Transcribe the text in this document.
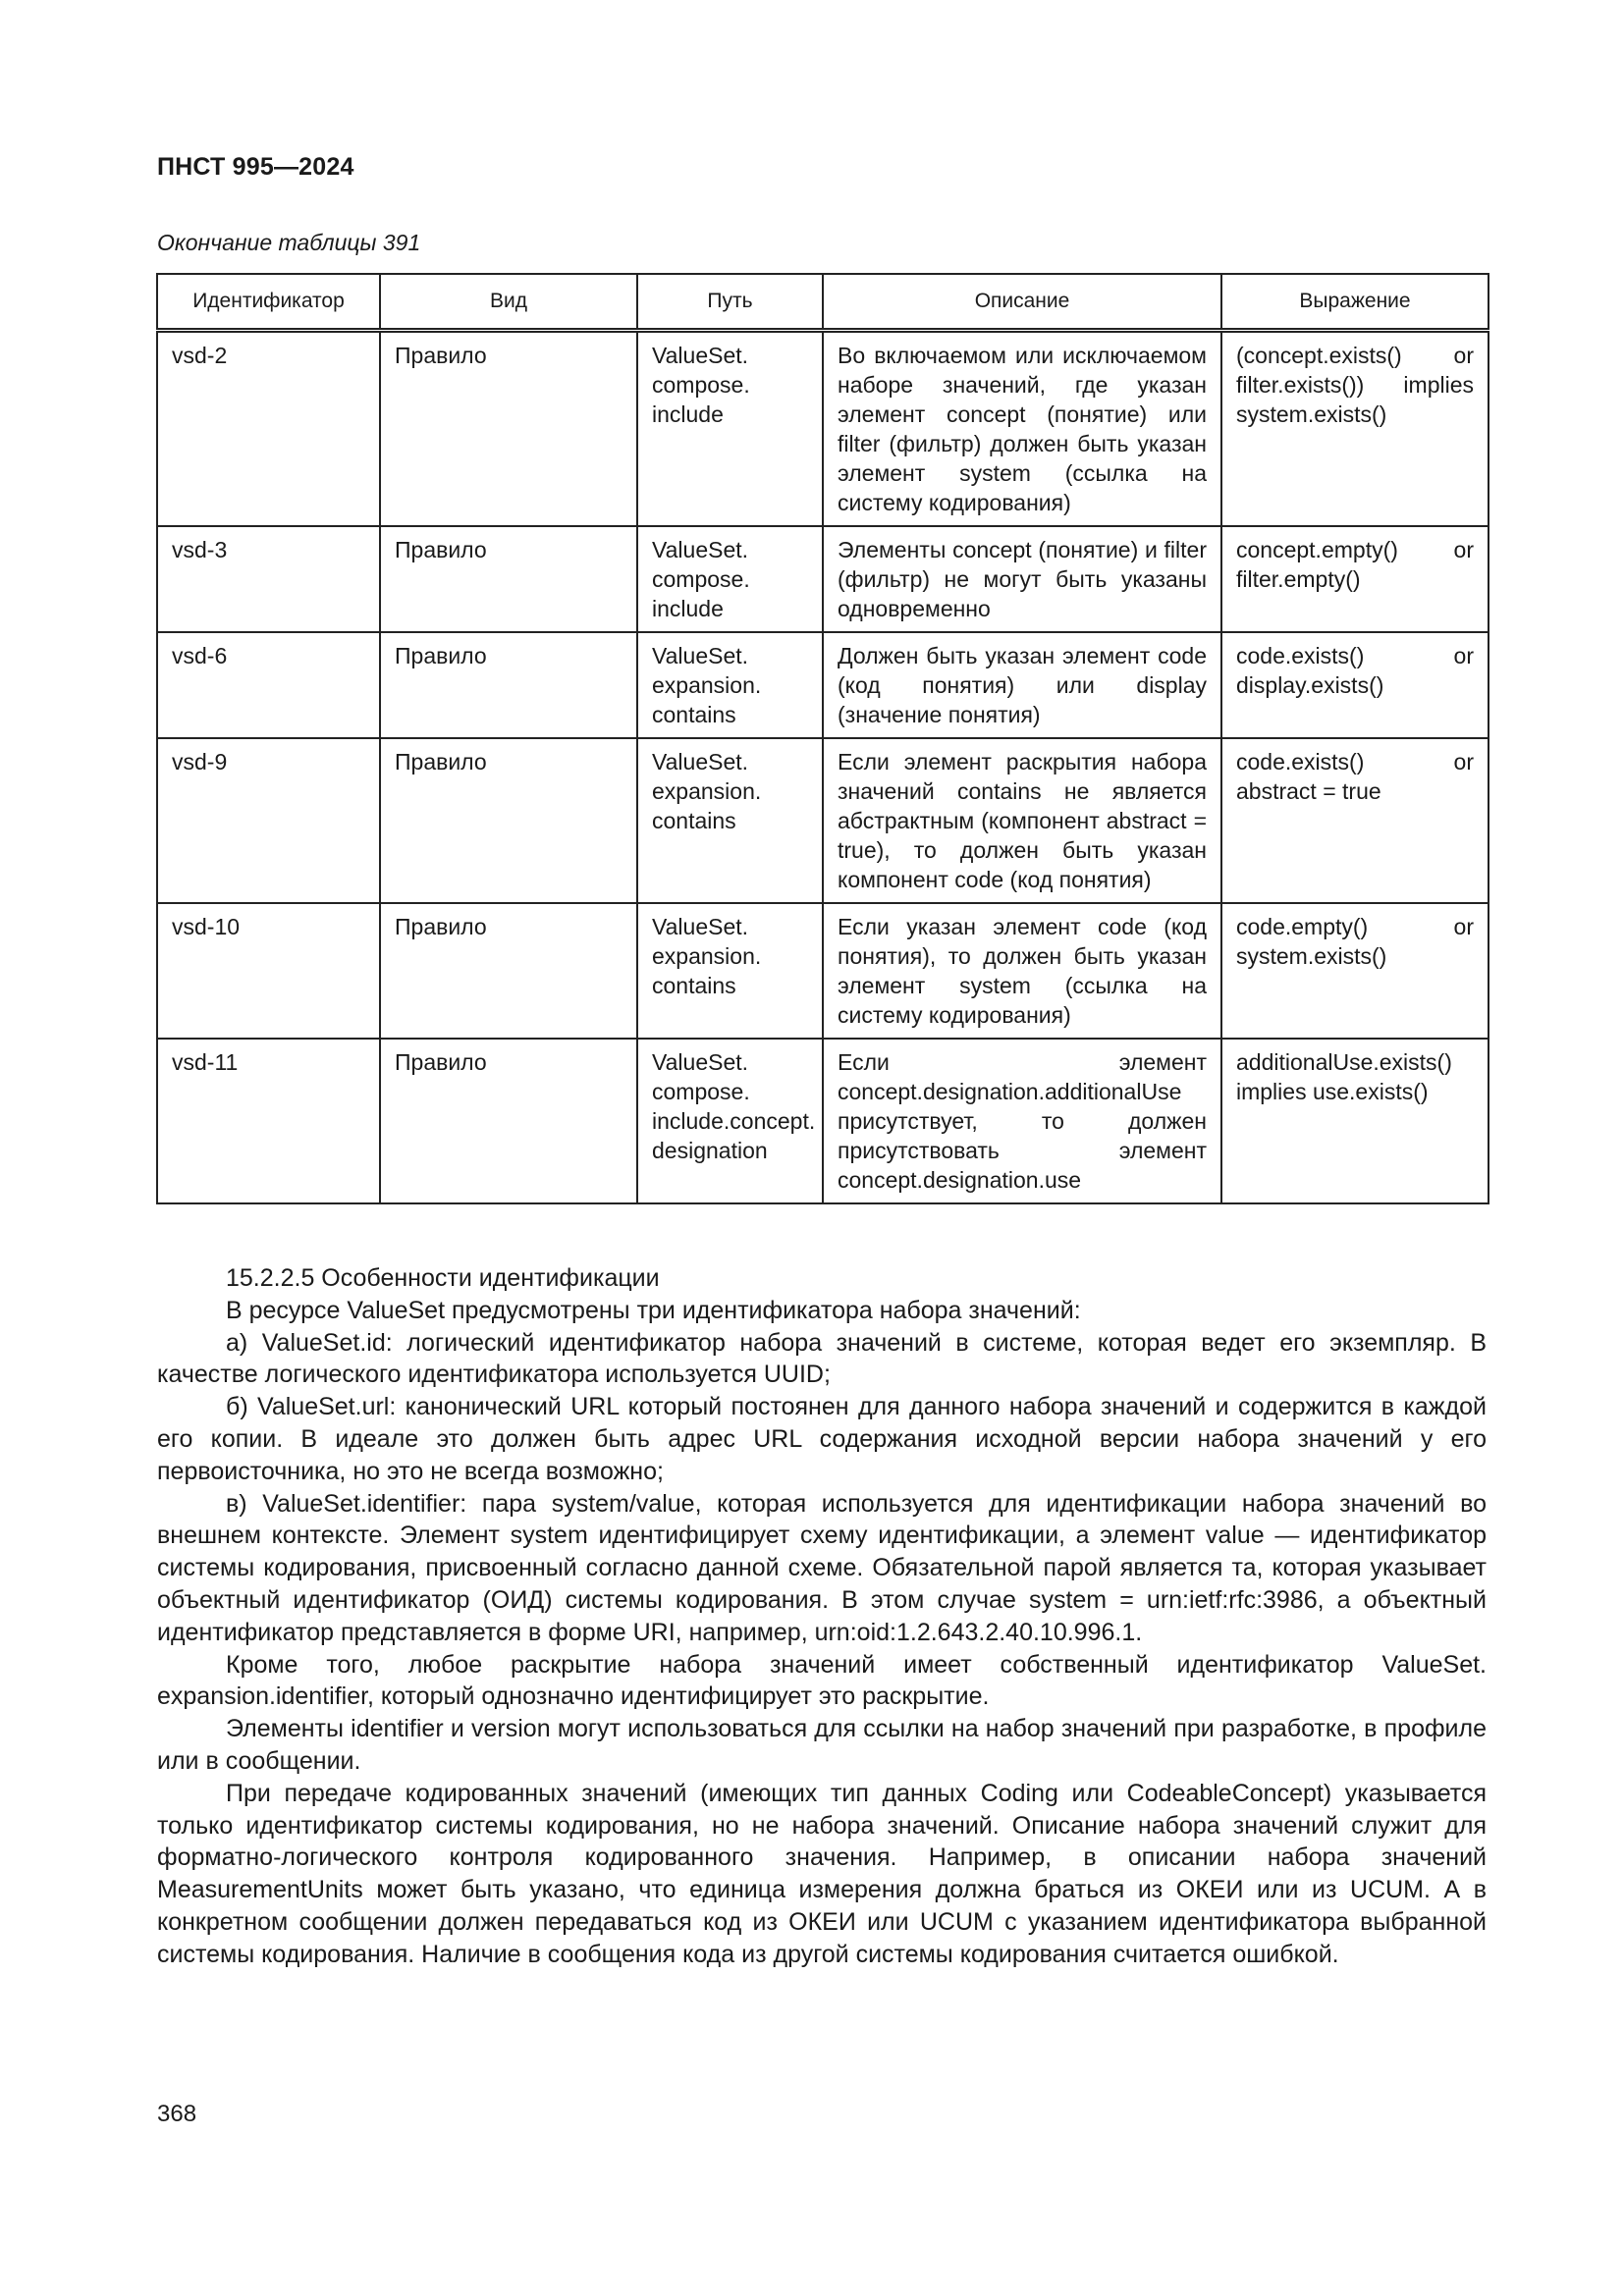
ПНСТ 995—2024
Окончание таблицы 391
Идентификатор	Вид	Путь	Описание	Выражение
vsd-2	Правило	ValueSet. compose. include	Во включаемом или исключаемом наборе значений, где указан элемент concept (понятие) или filter (фильтр) должен быть указан элемент system (ссылка на систему кодирования)	(concept.exists() or filter.exists()) implies system.exists()
vsd-3	Правило	ValueSet. compose. include	Элементы concept (понятие) и filter (фильтр) не могут быть указаны одновременно	concept.empty() or filter.empty()
vsd-6	Правило	ValueSet. expansion. contains	Должен быть указан элемент code (код понятия) или display (значение понятия)	code.exists() or display.exists()
vsd-9	Правило	ValueSet. expansion. contains	Если элемент раскрытия набора значений contains не является абстрактным (компонент abstract = true), то должен быть указан компонент code (код понятия)	code.exists() or abstract = true
vsd-10	Правило	ValueSet. expansion. contains	Если указан элемент code (код понятия), то должен быть указан элемент system (ссылка на систему кодирования)	code.empty() or system.exists()
vsd-11	Правило	ValueSet. compose. include.concept. designation	Если элемент concept.designation.additionalUse присутствует, то должен присутствовать элемент concept.designation.use	additionalUse.exists() implies use.exists()

15.2.2.5 Особенности идентификации

В ресурсе ValueSet предусмотрены три идентификатора набора значений:

а) ValueSet.id: логический идентификатор набора значений в системе, которая ведет его экземпляр. В качестве логического идентификатора используется UUID;

б) ValueSet.url: канонический URL который постоянен для данного набора значений и содержится в каждой его копии. В идеале это должен быть адрес URL содержания исходной версии набора значений у его первоисточника, но это не всегда возможно;

в) ValueSet.identifier: пара system/value, которая используется для идентификации набора значений во внешнем контексте. Элемент system идентифицирует схему идентификации, а элемент value — идентификатор системы кодирования, присвоенный согласно данной схеме. Обязательной парой является та, которая указывает объектный идентификатор (ОИД) системы кодирования. В этом случае system = urn:ietf:rfc:3986, а объектный идентификатор представляется в форме URI, например, urn:oid:1.2.643.2.40.10.996.1.

Кроме того, любое раскрытие набора значений имеет собственный идентификатор ValueSet. expansion.identifier, который однозначно идентифицирует это раскрытие.

Элементы identifier и version могут использоваться для ссылки на набор значений при разработке, в профиле или в сообщении.

При передаче кодированных значений (имеющих тип данных Coding или CodeableConcept) указывается только идентификатор системы кодирования, но не набора значений. Описание набора значений служит для форматно-логического контроля кодированного значения. Например, в описании набора значений MeasurementUnits может быть указано, что единица измерения должна браться из ОКЕИ или из UCUM. А в конкретном сообщении должен передаваться код из ОКЕИ или UCUM с указанием идентификатора выбранной системы кодирования. Наличие в сообщения кода из другой системы кодирования считается ошибкой.

368
